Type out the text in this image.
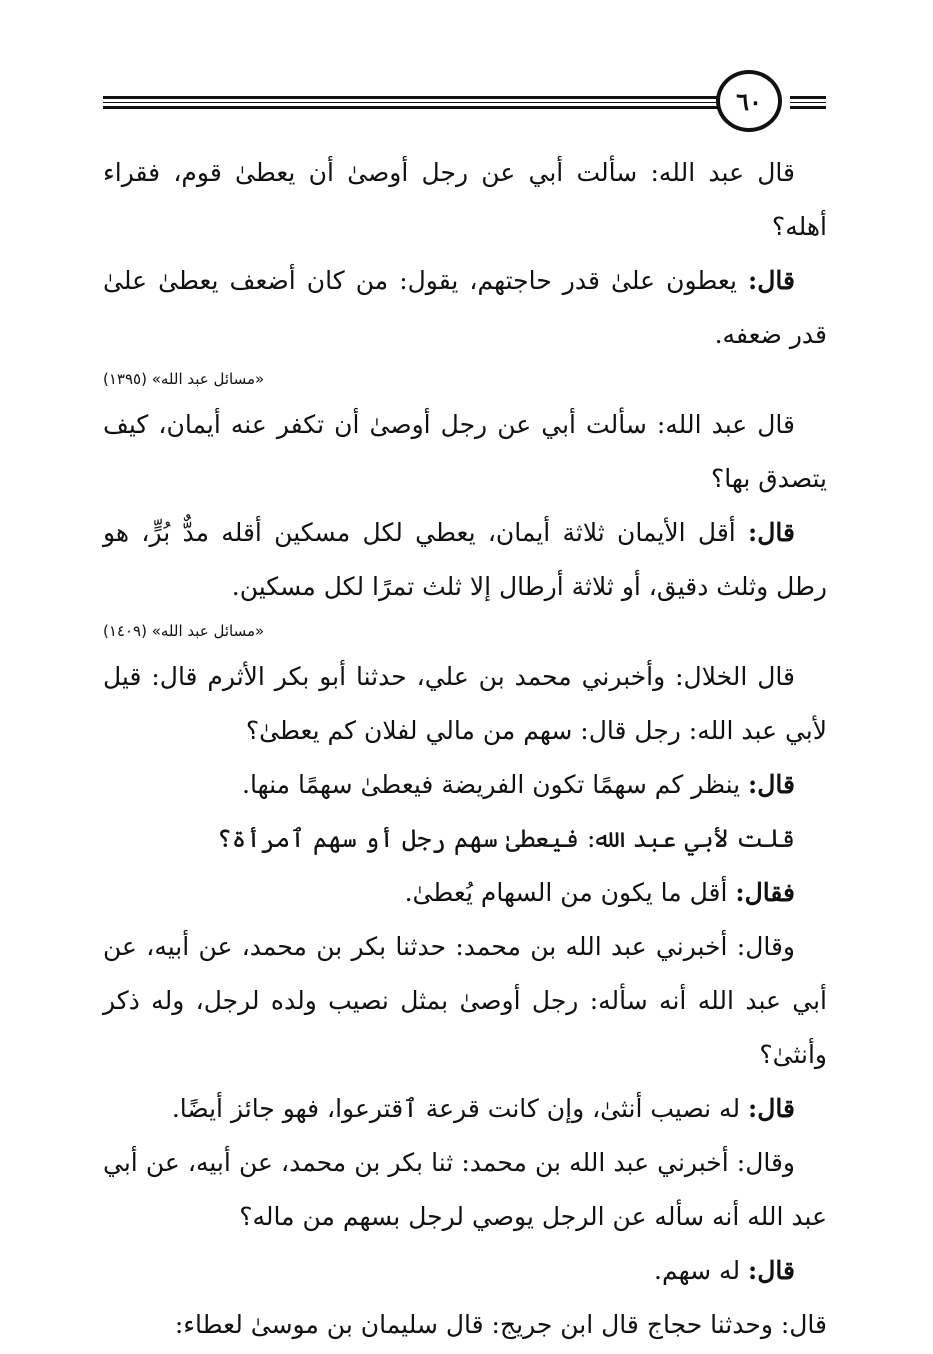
٦٠

قال عبد الله: سألت أبي عن رجل أوصىٰ أن يعطىٰ قوم، فقراء أهله؟

قال: يعطون علىٰ قدر حاجتهم، يقول: من كان أضعف يعطىٰ علىٰ قدر ضعفه.

«مسائل عبد الله» (١٣٩٥)

قال عبد الله: سألت أبي عن رجل أوصىٰ أن تكفر عنه أيمان، كيف يتصدق بها؟

قال: أقل الأيمان ثلاثة أيمان، يعطي لكل مسكين أقله مدٌّ بُرٍّ، هو رطل وثلث دقيق، أو ثلاثة أرطال إلا ثلث تمرًا لكل مسكين.

«مسائل عبد الله» (١٤٠٩)

قال الخلال: وأخبرني محمد بن علي، حدثنا أبو بكر الأثرم قال: قيل لأبي عبد الله: رجل قال: سهم من مالي لفلان كم يعطىٰ؟

قال: ينظر كم سهمًا تكون الفريضة فيعطىٰ سهمًا منها.

قلت لأبي عبد الله: فيعطىٰ سهم رجل أو سهم ٱمرأة؟

فقال: أقل ما يكون من السهام يُعطىٰ.

وقال: أخبرني عبد الله بن محمد: حدثنا بكر بن محمد، عن أبيه، عن أبي عبد الله أنه سأله: رجل أوصىٰ بمثل نصيب ولده لرجل، وله ذكر وأنثىٰ؟

قال: له نصيب أنثىٰ، وإن كانت قرعة ٱقترعوا، فهو جائز أيضًا.

وقال: أخبرني عبد الله بن محمد: ثنا بكر بن محمد، عن أبيه، عن أبي عبد الله أنه سأله عن الرجل يوصي لرجل بسهم من ماله؟

قال: له سهم.

قال: وحدثنا حجاج قال ابن جريج: قال سليمان بن موسىٰ لعطاء:
